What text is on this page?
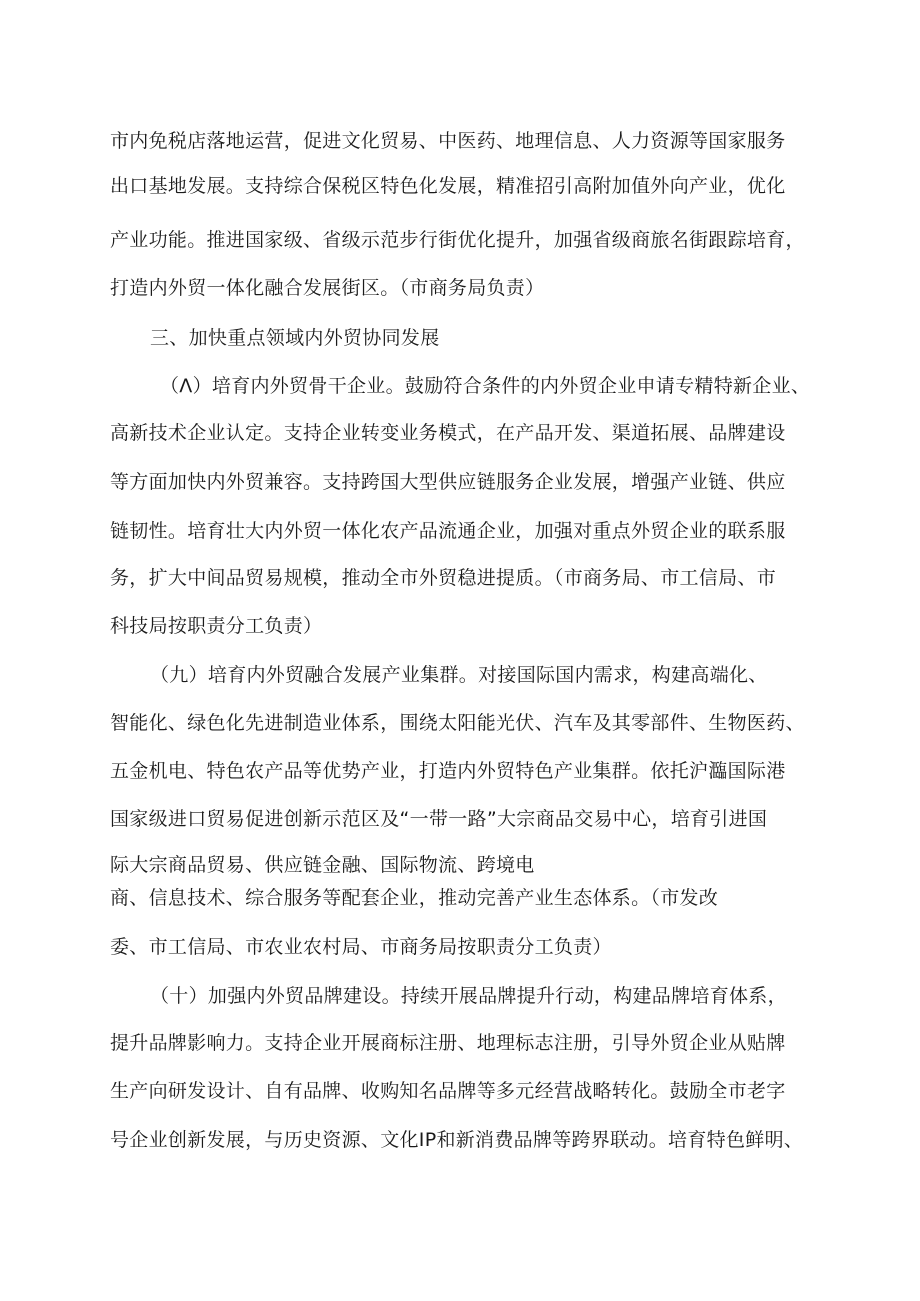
市内免税店落地运营，促进文化贸易、中医药、地理信息、人力资源等国家服务
出口基地发展。支持综合保税区特色化发展，精准招引高附加值外向产业，优化
产业功能。推进国家级、省级示范步行街优化提升，加强省级商旅名街跟踪培育，
打造内外贸一体化融合发展街区。（市商务局负责）
三、加快重点领域内外贸协同发展
（Λ）培育内外贸骨干企业。鼓励符合条件的内外贸企业申请专精特新企业、
高新技术企业认定。支持企业转变业务模式，在产品开发、渠道拓展、品牌建设
等方面加快内外贸兼容。支持跨国大型供应链服务企业发展，增强产业链、供应
链韧性。培育壮大内外贸一体化农产品流通企业，加强对重点外贸企业的联系服
务，扩大中间品贸易规模，推动全市外贸稳进提质。（市商务局、市工信局、市
科技局按职责分工负责）
（九）培育内外贸融合发展产业集群。对接国际国内需求，构建高端化、
智能化、绿色化先进制造业体系，围绕太阳能光伏、汽车及其零部件、生物医药、
五金机电、特色农产品等优势产业，打造内外贸特色产业集群。依托沪瀶国际港
国家级进口贸易促进创新示范区及“一带一路”大宗商品交易中心，培育引进国
际大宗商品贸易、供应链金融、国际物流、跨境电
商、信息技术、综合服务等配套企业，推动完善产业生态体系。（市发改
委、市工信局、市农业农村局、市商务局按职责分工负责）
（十）加强内外贸品牌建设。持续开展品牌提升行动，构建品牌培育体系，
提升品牌影响力。支持企业开展商标注册、地理标志注册，引导外贸企业从贴牌
生产向研发设计、自有品牌、收购知名品牌等多元经营战略转化。鼓励全市老字
号企业创新发展，与历史资源、文化IP和新消费品牌等跨界联动。培育特色鲜明、
